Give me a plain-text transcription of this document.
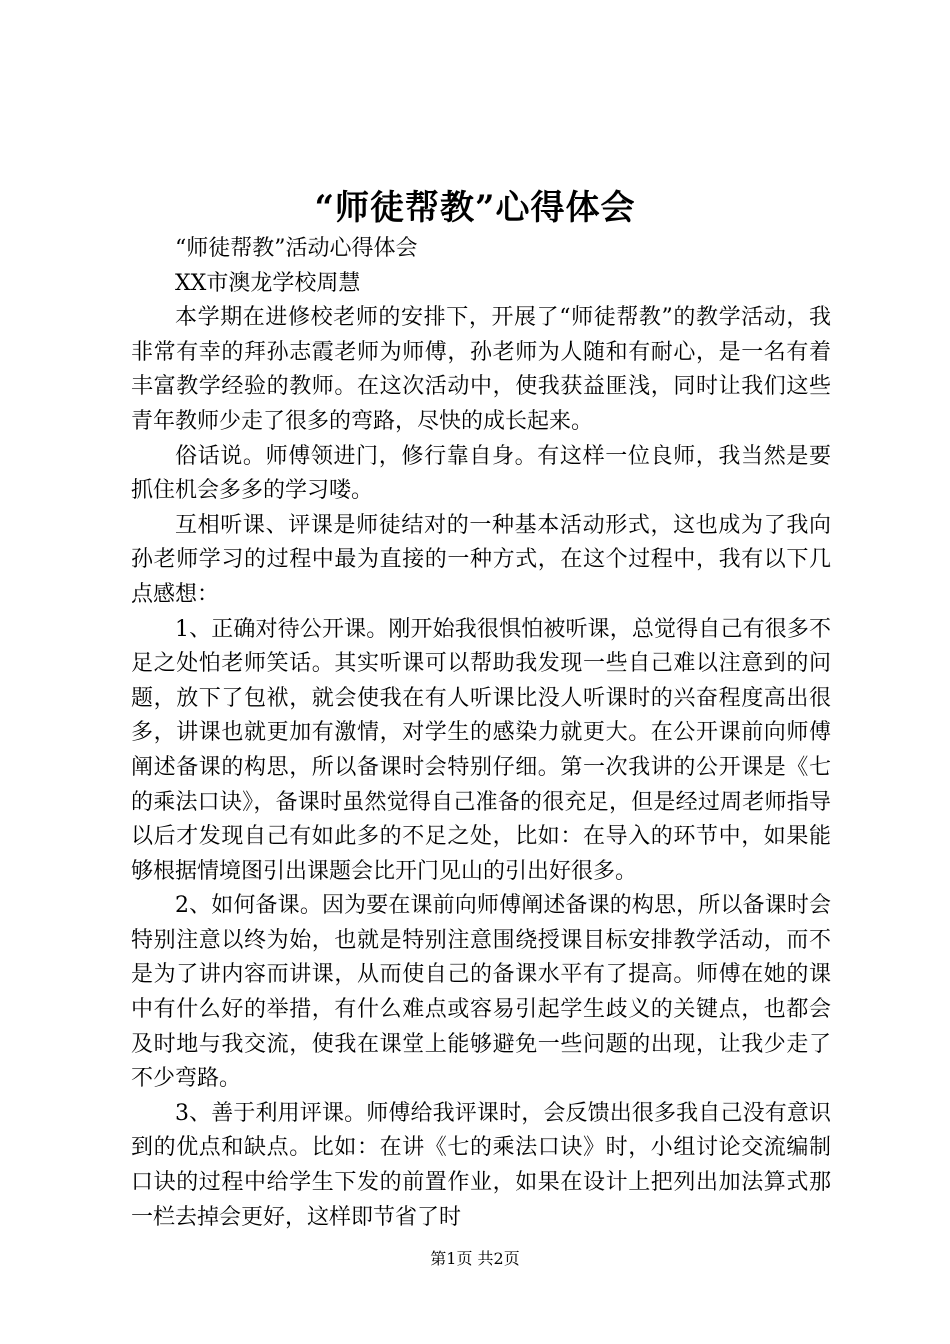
“师徒帮教”心得体会

“师徒帮教”活动心得体会

XX市澳龙学校周慧

本学期在进修校老师的安排下，开展了“师徒帮教”的教学活动，我非常有幸的拜孙志霞老师为师傅，孙老师为人随和有耐心，是一名有着丰富教学经验的教师。在这次活动中，使我获益匪浅，同时让我们这些青年教师少走了很多的弯路，尽快的成长起来。

俗话说。师傅领进门，修行靠自身。有这样一位良师，我当然是要抓住机会多多的学习喽。

互相听课、评课是师徒结对的一种基本活动形式，这也成为了我向孙老师学习的过程中最为直接的一种方式，在这个过程中，我有以下几点感想：

1、正确对待公开课。刚开始我很惧怕被听课，总觉得自己有很多不足之处怕老师笑话。其实听课可以帮助我发现一些自己难以注意到的问题，放下了包袱，就会使我在有人听课比没人听课时的兴奋程度高出很多，讲课也就更加有激情，对学生的感染力就更大。在公开课前向师傅阐述备课的构思，所以备课时会特别仔细。第一次我讲的公开课是《七的乘法口诀》，备课时虽然觉得自己准备的很充足，但是经过周老师指导以后才发现自己有如此多的不足之处，比如：在导入的环节中，如果能够根据情境图引出课题会比开门见山的引出好很多。

2、如何备课。因为要在课前向师傅阐述备课的构思，所以备课时会特别注意以终为始，也就是特别注意围绕授课目标安排教学活动，而不是为了讲内容而讲课，从而使自己的备课水平有了提高。师傅在她的课中有什么好的举措，有什么难点或容易引起学生歧义的关键点，也都会及时地与我交流，使我在课堂上能够避免一些问题的出现，让我少走了不少弯路。

3、善于利用评课。师傅给我评课时，会反馈出很多我自己没有意识到的优点和缺点。比如：在讲《七的乘法口诀》时，小组讨论交流编制口诀的过程中给学生下发的前置作业，如果在设计上把列出加法算式那一栏去掉会更好，这样即节省了时

第1页 共2页
